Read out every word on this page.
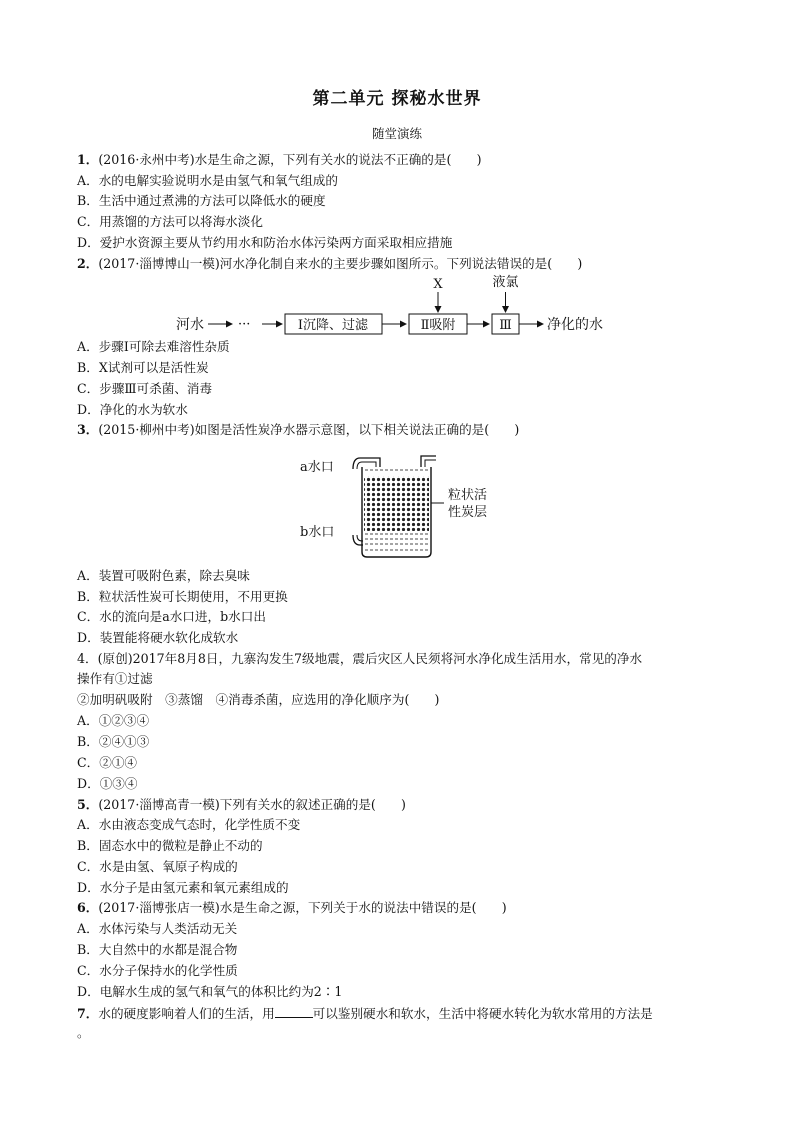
第二单元 探秘水世界
随堂演练
1．(2016·永州中考)水是生命之源，下列有关水的说法不正确的是(　　)
A．水的电解实验说明水是由氢气和氧气组成的
B．生活中通过煮沸的方法可以降低水的硬度
C．用蒸馏的方法可以将海水淡化
D．爱护水资源主要从节约用水和防治水体污染两方面采取相应措施
2．(2017·淄博博山一模)河水净化制自来水的主要步骤如图所示。下列说法错误的是(　　)
河水	···	Ⅰ沉降、过滤	Ⅱ吸附	Ⅲ	净化的水
X	液氯
A．步骤Ⅰ可除去难溶性杂质
B．X试剂可以是活性炭
C．步骤Ⅲ可杀菌、消毒
D．净化的水为软水
3．(2015·柳州中考)如图是活性炭净水器示意图，以下相关说法正确的是(　　)
a水口
b水口
粒状活
性炭层
A．装置可吸附色素，除去臭味
B．粒状活性炭可长期使用，不用更换
C．水的流向是a水口进，b水口出
D．装置能将硬水软化成软水
4．(原创)2017年8月8日，九寨沟发生7级地震，震后灾区人民须将河水净化成生活用水，常见的净水
操作有①过滤
②加明矾吸附　③蒸馏　④消毒杀菌，应选用的净化顺序为(　　)
A．①②③④
B．②④①③
C．②①④
D．①③④
5．(2017·淄博高青一模)下列有关水的叙述正确的是(　　)
A．水由液态变成气态时，化学性质不变
B．固态水中的微粒是静止不动的
C．水是由氢、氧原子构成的
D．水分子是由氢元素和氧元素组成的
6．(2017·淄博张店一模)水是生命之源，下列关于水的说法中错误的是(　　)
A．水体污染与人类活动无关
B．大自然中的水都是混合物
C．水分子保持水的化学性质
D．电解水生成的氢气和氧气的体积比约为2∶1
7．水的硬度影响着人们的生活，用	可以鉴别硬水和软水，生活中将硬水转化为软水常用的方法是
。
